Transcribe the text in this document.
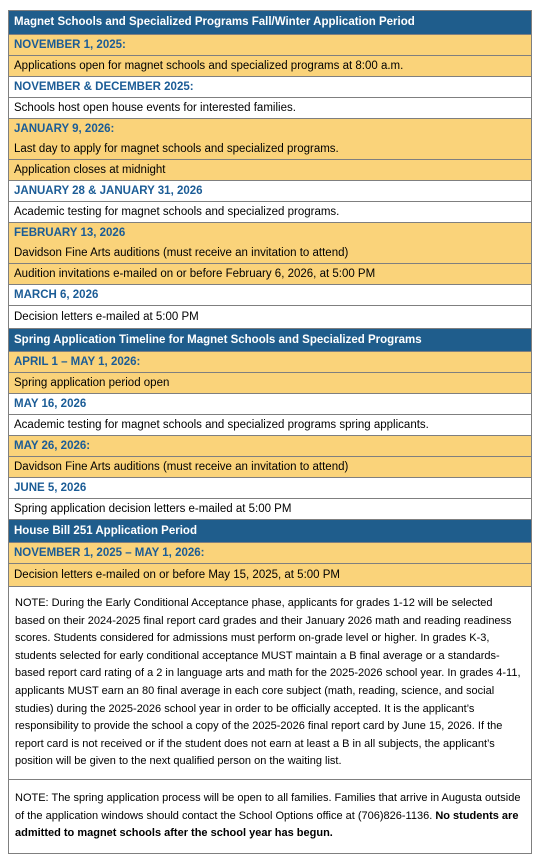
Magnet Schools and Specialized Programs Fall/Winter Application Period
NOVEMBER 1, 2025:
Applications open for magnet schools and specialized programs at 8:00 a.m.
NOVEMBER & DECEMBER 2025:
Schools host open house events for interested families.
JANUARY 9, 2026:
Last day to apply for magnet schools and specialized programs.
Application closes at midnight
JANUARY 28 & JANUARY 31, 2026
Academic testing for magnet schools and specialized programs.
FEBRUARY 13, 2026
Davidson Fine Arts auditions (must receive an invitation to attend)
Audition invitations e-mailed on or before February 6, 2026, at 5:00 PM
MARCH 6, 2026
Decision letters e-mailed at 5:00 PM
Spring Application Timeline for Magnet Schools and Specialized Programs
APRIL 1 – MAY 1, 2026:
Spring application period open
MAY 16, 2026
Academic testing for magnet schools and specialized programs spring applicants.
MAY 26, 2026:
Davidson Fine Arts auditions (must receive an invitation to attend)
JUNE 5, 2026
Spring application decision letters e-mailed at 5:00 PM
House Bill 251 Application Period
NOVEMBER 1, 2025 – MAY 1, 2026:
Decision letters e-mailed on or before May 15, 2025, at 5:00 PM
NOTE: During the Early Conditional Acceptance phase, applicants for grades 1-12 will be selected based on their 2024-2025 final report card grades and their January 2026 math and reading readiness scores. Students considered for admissions must perform on-grade level or higher. In grades K-3, students selected for early conditional acceptance MUST maintain a B final average or a standards-based report card rating of a 2 in language arts and math for the 2025-2026 school year. In grades 4-11, applicants MUST earn an 80 final average in each core subject (math, reading, science, and social studies) during the 2025-2026 school year in order to be officially accepted. It is the applicant’s responsibility to provide the school a copy of the 2025-2026 final report card by June 15, 2026. If the report card is not received or if the student does not earn at least a B in all subjects, the applicant’s position will be given to the next qualified person on the waiting list.
NOTE: The spring application process will be open to all families. Families that arrive in Augusta outside of the application windows should contact the School Options office at (706)826-1136. No students are admitted to magnet schools after the school year has begun.
